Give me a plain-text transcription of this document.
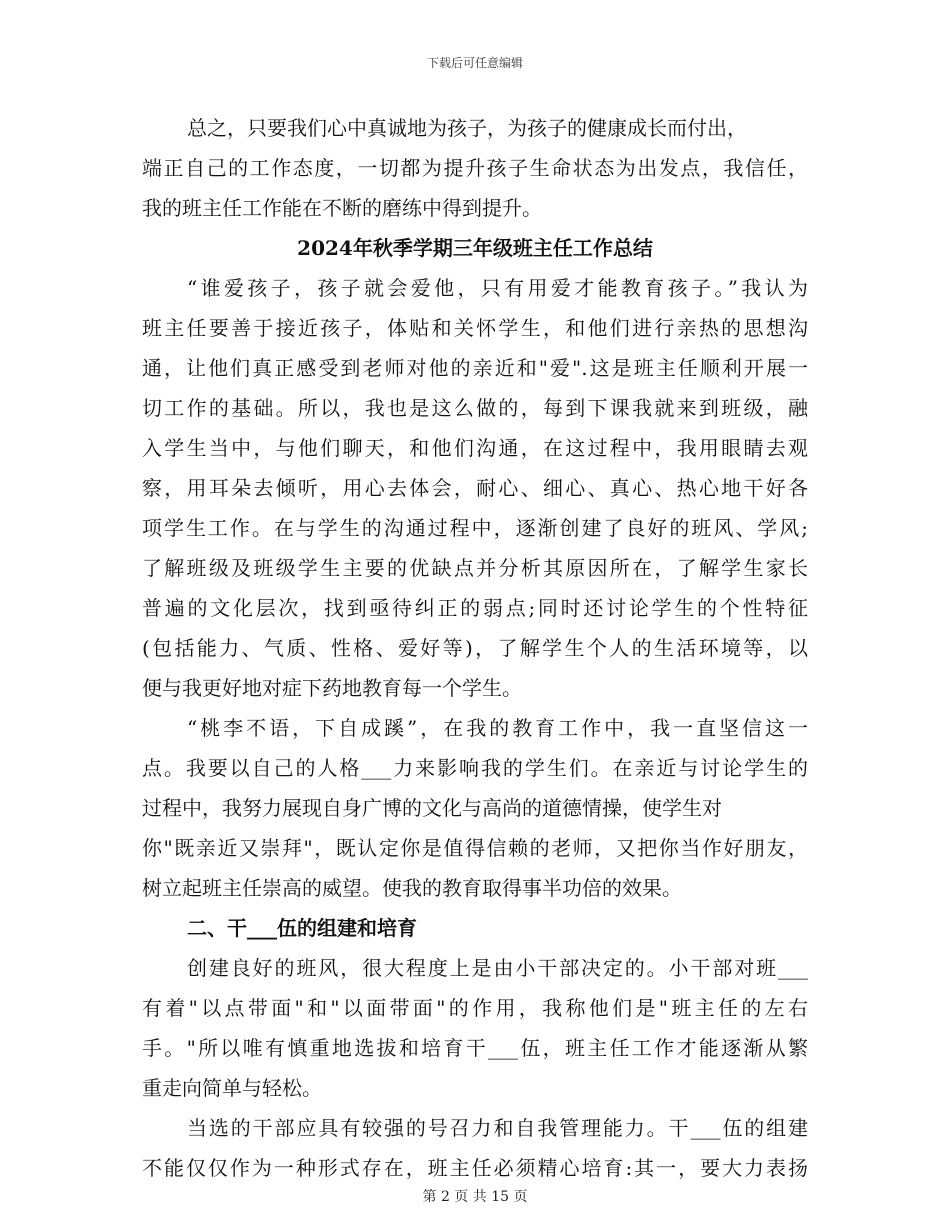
下载后可任意编辑
总之，只要我们心中真诚地为孩子，为孩子的健康成长而付出，
端正自己的工作态度，一切都为提升孩子生命状态为出发点，我信任，
我的班主任工作能在不断的磨练中得到提升。
2024年秋季学期三年级班主任工作总结
“谁爱孩子，孩子就会爱他，只有用爱才能教育孩子。”我认为
班主任要善于接近孩子，体贴和关怀学生，和他们进行亲热的思想沟
通，让他们真正感受到老师对他的亲近和"爱".这是班主任顺利开展一
切工作的基础。所以，我也是这么做的，每到下课我就来到班级，融
入学生当中，与他们聊天，和他们沟通，在这过程中，我用眼睛去观
察，用耳朵去倾听，用心去体会，耐心、细心、真心、热心地干好各
项学生工作。在与学生的沟通过程中，逐渐创建了良好的班风、学风;
了解班级及班级学生主要的优缺点并分析其原因所在，了解学生家长
普遍的文化层次，找到亟待纠正的弱点;同时还讨论学生的个性特征
(包括能力、气质、性格、爱好等)，了解学生个人的生活环境等，以
便与我更好地对症下药地教育每一个学生。
“桃李不语，下自成蹊”，在我的教育工作中，我一直坚信这一
点。我要以自己的人格___力来影响我的学生们。在亲近与讨论学生的
过程中，我努力展现自身广博的文化与高尚的道德情操，使学生对
你"既亲近又崇拜"，既认定你是值得信赖的老师，又把你当作好朋友，
树立起班主任崇高的威望。使我的教育取得事半功倍的效果。
二、干___伍的组建和培育
创建良好的班风，很大程度上是由小干部决定的。小干部对班___
有着"以点带面"和"以面带面"的作用，我称他们是"班主任的左右
手。"所以唯有慎重地选拔和培育干___伍，班主任工作才能逐渐从繁
重走向简单与轻松。
当选的干部应具有较强的号召力和自我管理能力。干___伍的组建
不能仅仅作为一种形式存在，班主任必须精心培育:其一，要大力表扬
第 2 页 共 15 页
